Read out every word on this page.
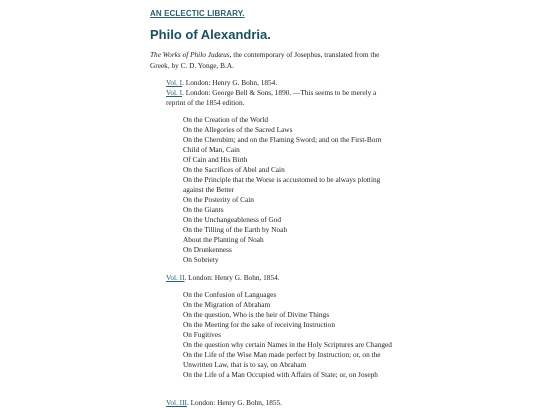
AN ECLECTIC LIBRARY.
Philo of Alexandria.

The Works of Philo Judæus, the contemporary of Josephus, translated from the Greek, by C. D. Yonge, B.A.

Vol. I. London: Henry G. Bohn, 1854.

Vol. I. London: George Bell & Sons, 1890. —This seems to be merely a reprint of the 1854 edition.

On the Creation of the World
On the Allegories of the Sacred Laws
On the Cherubim; and on the Flaming Sword; and on the First-Born Child of Man, Cain
Of Cain and His Birth
On the Sacrifices of Abel and Cain
On the Principle that the Worse is accustomed to be always plotting against the Better
On the Posterity of Cain
On the Giants
On the Unchangeableness of God
On the Tilling of the Earth by Noah
About the Planting of Noah
On Drunkenness
On Sobriety

Vol. II. London: Henry G. Bohn, 1854.

On the Confusion of Languages
On the Migration of Abraham
On the question, Who is the heir of Divine Things
On the Meeting for the sake of receiving Instruction
On Fugitives
On the question why certain Names in the Holy Scriptures are Changed
On the Life of the Wise Man made perfect by Instruction; or, on the Unwritten Law, that is to say, on Abraham
On the Life of a Man Occupied with Affairs of State; or, on Joseph

Vol. III. London: Henry G. Bohn, 1855.
